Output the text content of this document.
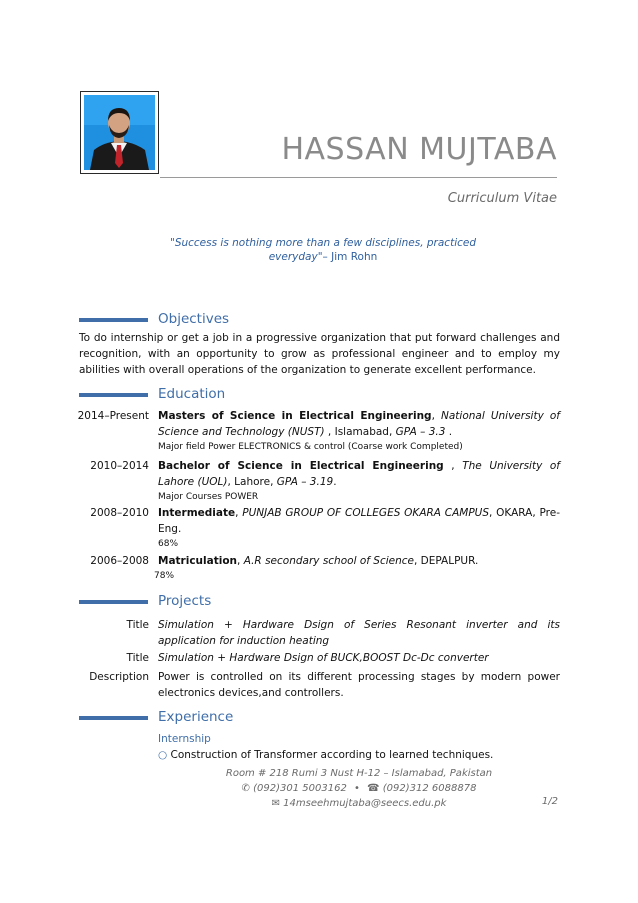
HASSAN MUJTABA
Curriculum Vitae
"Success is nothing more than a few disciplines, practiced everyday"– Jim Rohn
Objectives
To do internship or get a job in a progressive organization that put forward challenges and recognition, with an opportunity to grow as professional engineer and to employ my abilities with overall operations of the organization to generate excellent performance.
Education
2014–Present Masters of Science in Electrical Engineering, National University of Science and Technology (NUST) , Islamabad, GPA – 3.3 .
Major field Power ELECTRONICS & control (Coarse work Completed)
2010–2014 Bachelor of Science in Electrical Engineering , The University of Lahore (UOL), Lahore, GPA – 3.19.
Major Courses POWER
2008–2010 Intermediate, PUNJAB GROUP OF COLLEGES OKARA CAMPUS, OKARA, Pre-Eng.
68%
2006–2008 Matriculation, A.R secondary school of Science, DEPALPUR.
78%
Projects
Title Simulation + Hardware Dsign of Series Resonant inverter and its application for induction heating
Title Simulation + Hardware Dsign of BUCK,BOOST Dc-Dc converter
Description Power is controlled on its different processing stages by modern power electronics devices,and controllers.
Experience
Internship
○ Construction of Transformer according to learned techniques.
Room # 218 Rumi 3 Nust H-12 – Islamabad, Pakistan
✆ (092)301 5003162 • ☎ (092)312 6088878
✉ 14mseehmujtaba@seecs.edu.pk	1/2
